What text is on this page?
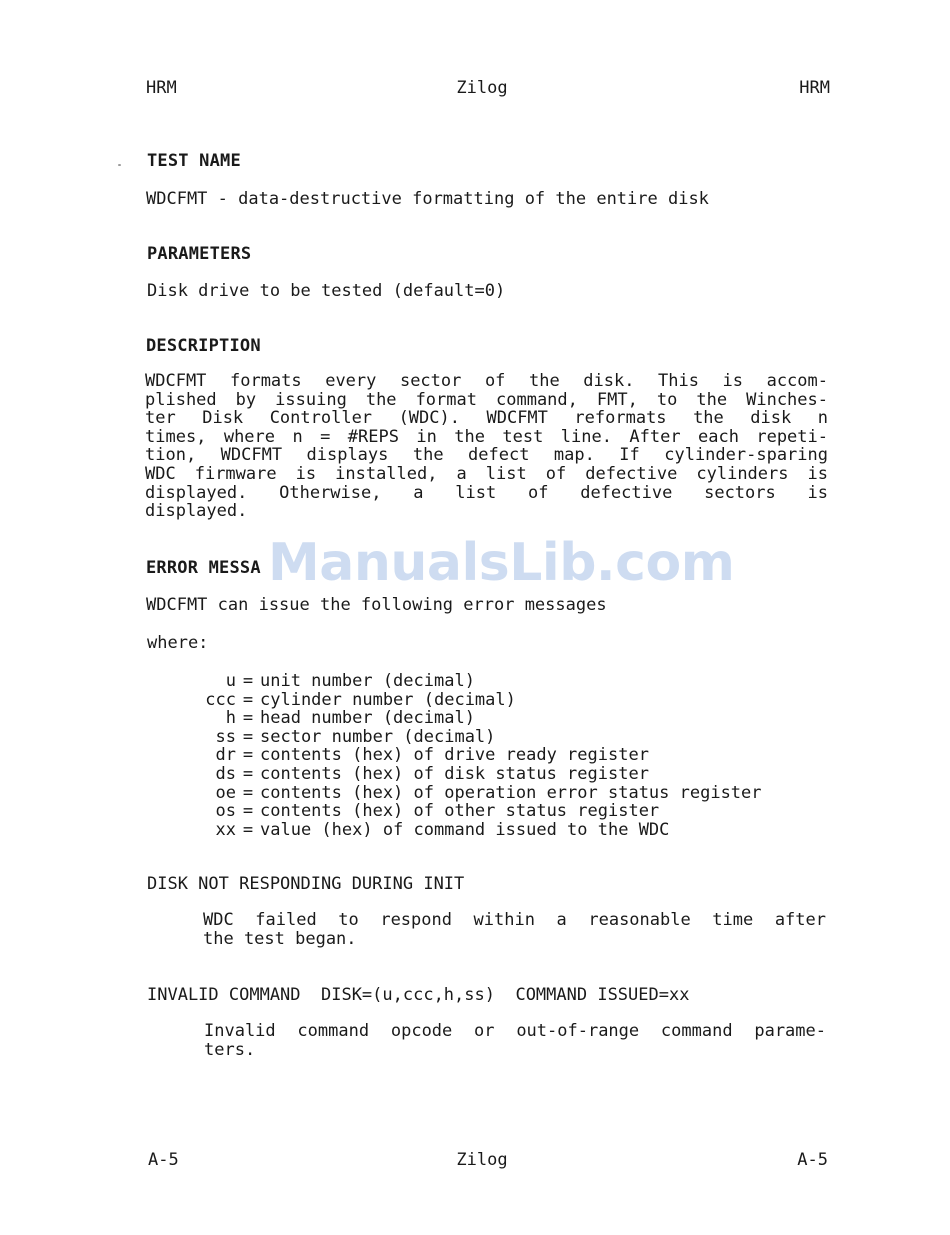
HRM	Zilog	HRM
TEST NAME
WDCFMT - data-destructive formatting of the entire disk
PARAMETERS
Disk drive to be tested (default=0)
DESCRIPTION
WDCFMT formats every sector of the disk. This is accom-
plished by issuing the format command, FMT, to the Winches-
ter Disk Controller (WDC). WDCFMT reformats the disk n
times, where n = #REPS in the test line. After each repeti-
tion, WDCFMT displays the defect map. If cylinder-sparing
WDC firmware is installed, a list of defective cylinders is
displayed. Otherwise, a list of defective sectors is
displayed.
ERROR MESSA ManualsLib.com
WDCFMT can issue the following error messages
where:
u = unit number (decimal)
ccc = cylinder number (decimal)
h = head number (decimal)
ss = sector number (decimal)
dr = contents (hex) of drive ready register
ds = contents (hex) of disk status register
oe = contents (hex) of operation error status register
os = contents (hex) of other status register
xx = value (hex) of command issued to the WDC
DISK NOT RESPONDING DURING INIT
WDC failed to respond within a reasonable time after
the test began.
INVALID COMMAND  DISK=(u,ccc,h,ss)  COMMAND ISSUED=xx
Invalid command opcode or out-of-range command parame-
ters.
A-5	Zilog	A-5
